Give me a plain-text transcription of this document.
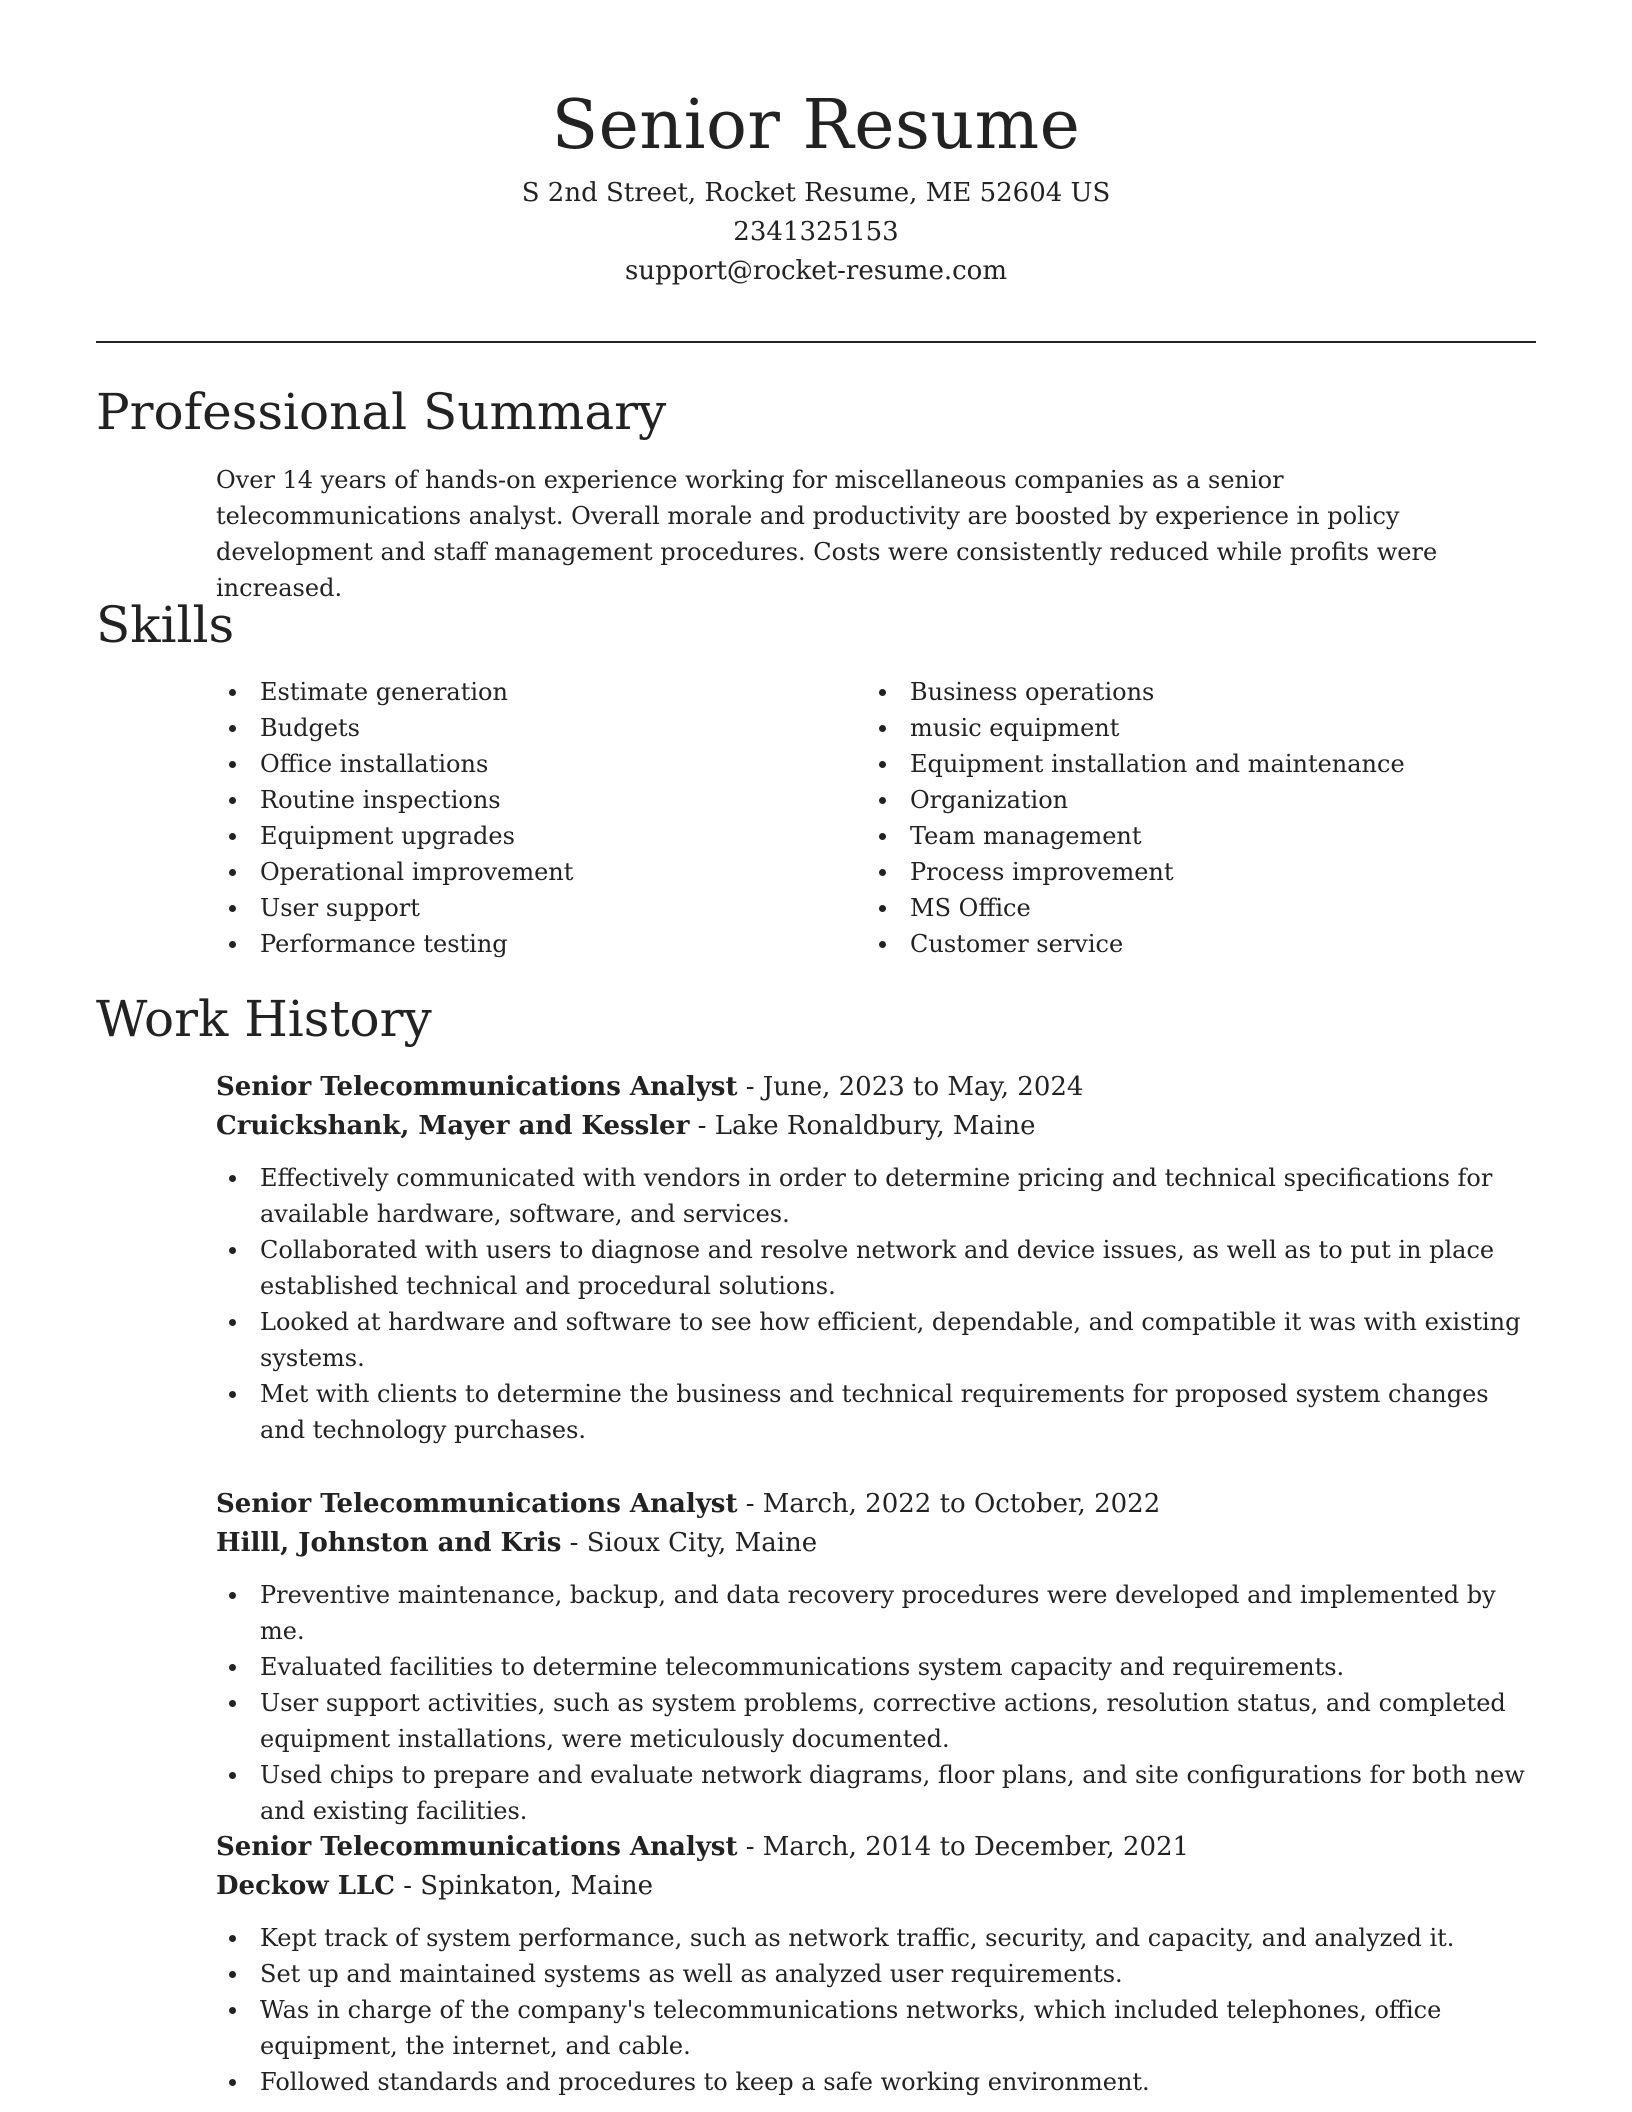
Senior Resume

S 2nd Street, Rocket Resume, ME 52604 US

2341325153

support@rocket-resume.com

Professional Summary

Over 14 years of hands-on experience working for miscellaneous companies as a senior telecommunications analyst. Overall morale and productivity are boosted by experience in policy development and staff management procedures. Costs were consistently reduced while profits were increased.

Skills
Estimate generation
Budgets
Office installations
Routine inspections
Equipment upgrades
Operational improvement
User support
Performance testing
Business operations
music equipment
Equipment installation and maintenance
Organization
Team management
Process improvement
MS Office
Customer service
Work History

Senior Telecommunications Analyst - June, 2023 to May, 2024

Cruickshank, Mayer and Kessler - Lake Ronaldbury, Maine

Effectively communicated with vendors in order to determine pricing and technical specifications for available hardware, software, and services.
Collaborated with users to diagnose and resolve network and device issues, as well as to put in place established technical and procedural solutions.
Looked at hardware and software to see how efficient, dependable, and compatible it was with existing systems.
Met with clients to determine the business and technical requirements for proposed system changes and technology purchases.

Senior Telecommunications Analyst - March, 2022 to October, 2022

Hilll, Johnston and Kris - Sioux City, Maine

Preventive maintenance, backup, and data recovery procedures were developed and implemented by me.
Evaluated facilities to determine telecommunications system capacity and requirements.
User support activities, such as system problems, corrective actions, resolution status, and completed equipment installations, were meticulously documented.
Used chips to prepare and evaluate network diagrams, floor plans, and site configurations for both new and existing facilities.

Senior Telecommunications Analyst - March, 2014 to December, 2021

Deckow LLC - Spinkaton, Maine

Kept track of system performance, such as network traffic, security, and capacity, and analyzed it.
Set up and maintained systems as well as analyzed user requirements.
Was in charge of the company's telecommunications networks, which included telephones, office equipment, the internet, and cable.
Followed standards and procedures to keep a safe working environment.
